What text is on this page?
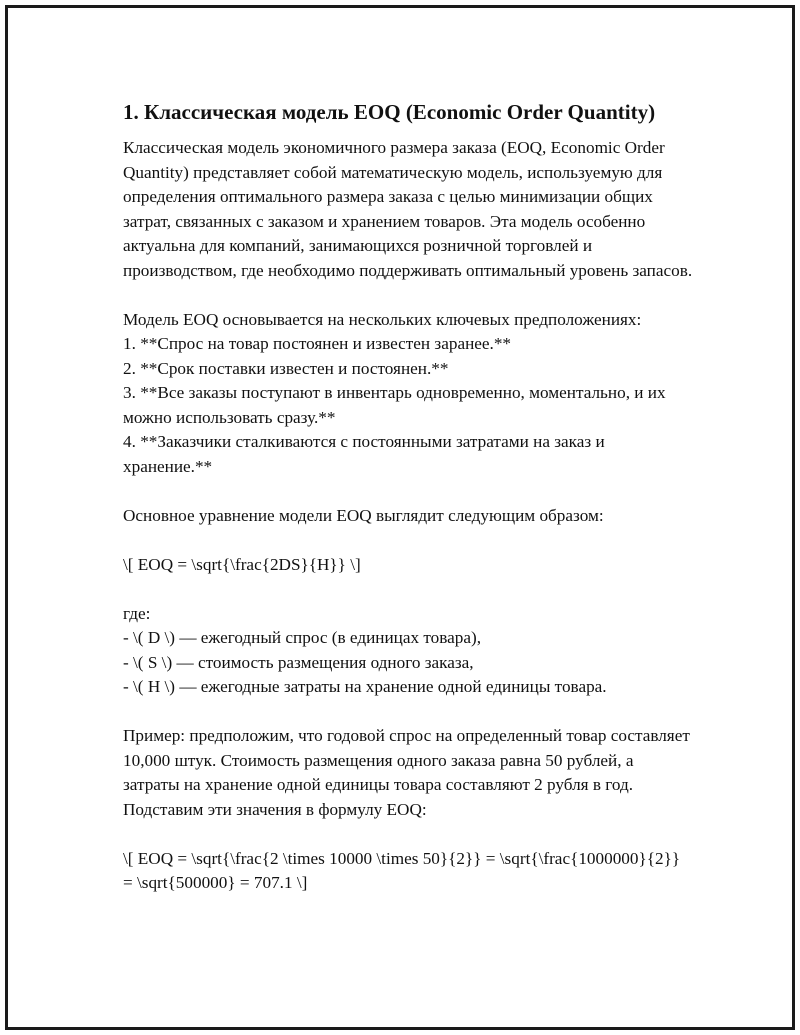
1. Классическая модель EOQ (Economic Order Quantity)
Классическая модель экономичного размера заказа (EOQ, Economic Order Quantity) представляет собой математическую модель, используемую для определения оптимального размера заказа с целью минимизации общих затрат, связанных с заказом и хранением товаров. Эта модель особенно актуальна для компаний, занимающихся розничной торговлей и производством, где необходимо поддерживать оптимальный уровень запасов.
Модель EOQ основывается на нескольких ключевых предположениях:
1. **Спрос на товар постоянен и известен заранее.**
2. **Срок поставки известен и постоянен.**
3. **Все заказы поступают в инвентарь одновременно, моментально, и их можно использовать сразу.**
4. **Заказчики сталкиваются с постоянными затратами на заказ и хранение.**
Основное уравнение модели EOQ выглядит следующим образом:
\[ EOQ = \sqrt{\frac{2DS}{H}} \]
где:
- \( D \) — ежегодный спрос (в единицах товара),
- \( S \) — стоимость размещения одного заказа,
- \( H \) — ежегодные затраты на хранение одной единицы товара.
Пример: предположим, что годовой спрос на определенный товар составляет 10,000 штук. Стоимость размещения одного заказа равна 50 рублей, а затраты на хранение одной единицы товара составляют 2 рубля в год. Подставим эти значения в формулу EOQ:
\[ EOQ = \sqrt{\frac{2 \times 10000 \times 50}{2}} = \sqrt{\frac{1000000}{2}} = \sqrt{500000} = 707.1 \]
